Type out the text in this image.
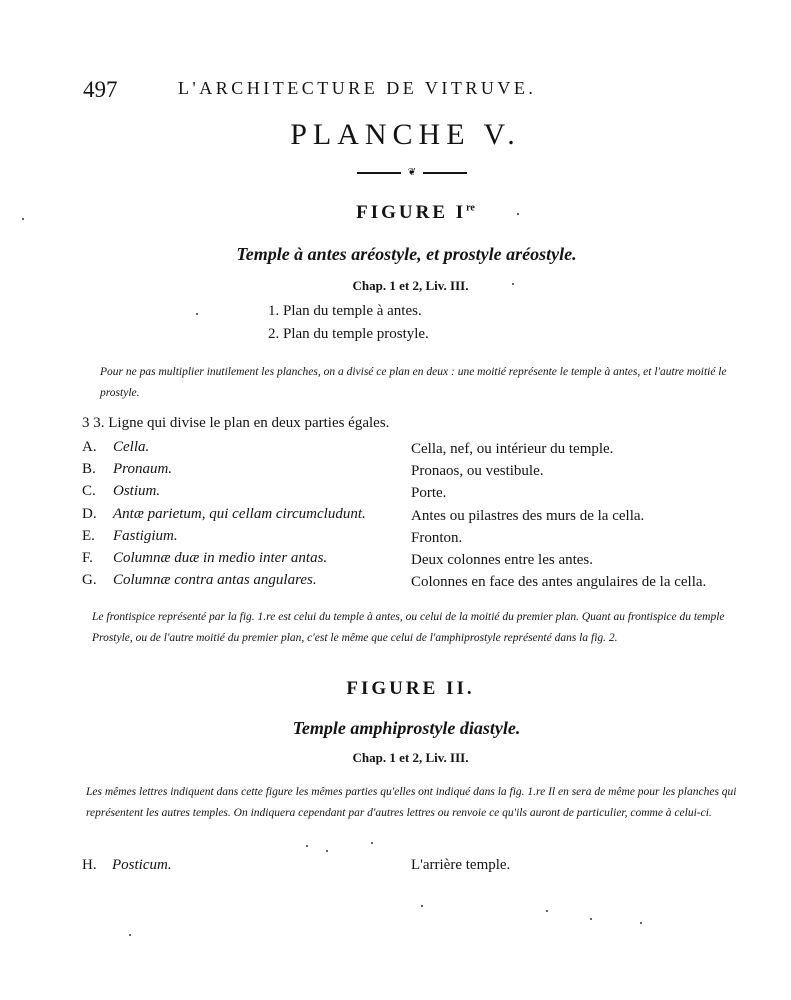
497	L'ARCHITECTURE DE VITRUVE.
PLANCHE V.
❦
FIGURE Ire
Temple à antes aréostyle, et prostyle aréostyle.
Chap. 1 et 2, Liv. III.
1. Plan du temple à antes.
2. Plan du temple prostyle.
Pour ne pas multiplier inutilement les planches, on a divisé ce plan en deux : une moitié représente le temple à antes, et l'autre moitié le prostyle.
3 3. Ligne qui divise le plan en deux parties égales.
A.	Cella.	Cella, nef, ou intérieur du temple.
B.	Pronaum.	Pronaos, ou vestibule.
C.	Ostium.	Porte.
D.	Antæ parietum, qui cellam circumcludunt.	Antes ou pilastres des murs de la cella.
E.	Fastigium.	Fronton.
F.	Columnæ duæ in medio inter antas.	Deux colonnes entre les antes.
G.	Columnæ contra antas angulares.	Colonnes en face des antes angulaires de la cella.
Le frontispice représenté par la fig. 1.re est celui du temple à antes, ou celui de la moitié du premier plan. Quant au frontispice du temple Prostyle, ou de l'autre moitié du premier plan, c'est le même que celui de l'amphiprostyle représenté dans la fig. 2.
FIGURE II.
Temple amphiprostyle diastyle.
Chap. 1 et 2, Liv. III.
Les mêmes lettres indiquent dans cette figure les mêmes parties qu'elles ont indiqué dans la fig. 1.re Il en sera de même pour les planches qui représentent les autres temples. On indiquera cependant par d'autres lettres ou renvoie ce qu'ils auront de particulier, comme à celui-ci.
H.	Posticum.	L'arrière temple.
